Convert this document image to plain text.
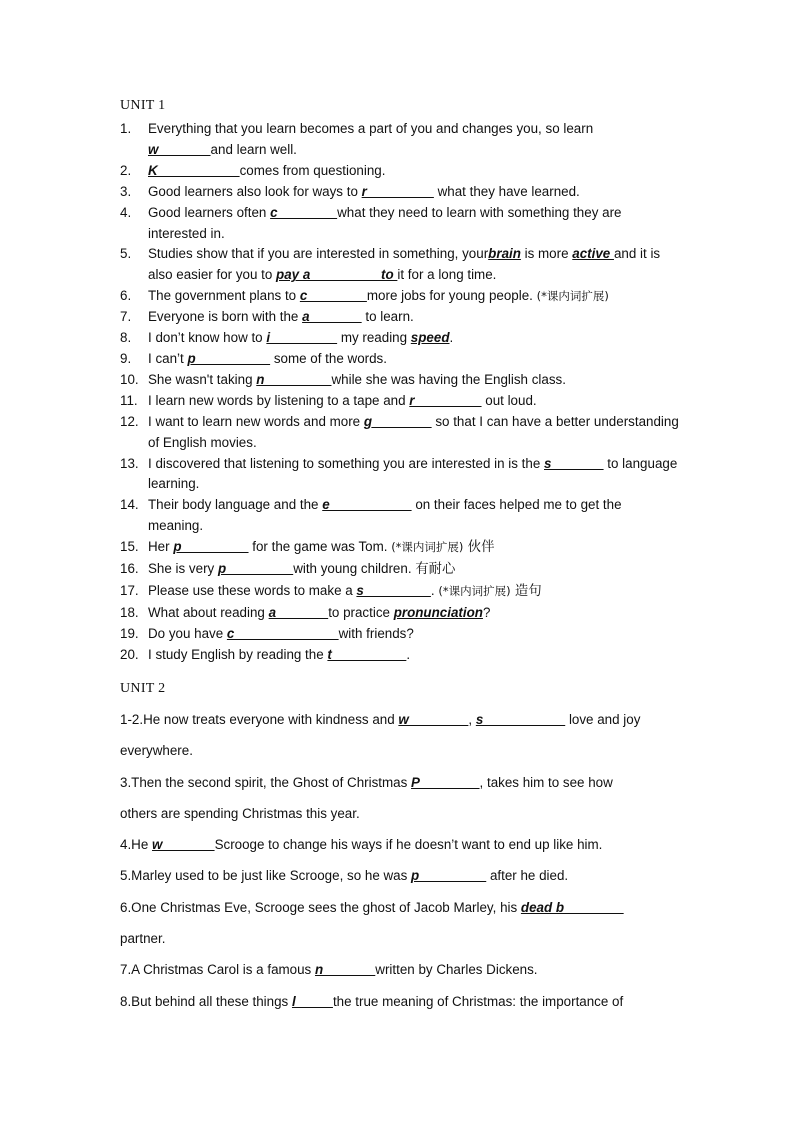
UNIT 1
1. Everything that you learn becomes a part of you and changes you, so learn w_______and learn well.
2. K___________comes from questioning.
3. Good learners also look for ways to r_________ what they have learned.
4. Good learners often c________what they need to learn with something they are interested in.
5. Studies show that if you are interested in something, yourbrain is more active and it is also easier for you to pay a_________ to it for a long time.
6. The government plans to c________more jobs for young people. (*课内词扩展)
7. Everyone is born with the a_______ to learn.
8. I don’t know how to i_________ my reading speed.
9. I can’t p__________ some of the words.
10. She wasn't taking n_________while she was having the English class.
11. I learn new words by listening to a tape and r_________ out loud.
12. I want to learn new words and more g________ so that I can have a better understanding of English movies.
13. I discovered that listening to something you are interested in is the s_______ to language learning.
14. Their body language and the e___________ on their faces helped me to get the meaning.
15. Her p_________ for the game was Tom. (*课内词扩展) 伙伴
16. She is very p_________with young children. 有耐心
17. Please use these words to make a s_________. (*课内词扩展) 造句
18. What about reading a_______to practice pronunciation?
19. Do you have c______________with friends?
20. I study English by reading the t__________.
UNIT 2

1-2.He now treats everyone with kindness and w________, s___________ love and joy

everywhere.

3.Then the second spirit, the Ghost of Christmas P________, takes him to see how

others are spending Christmas this year.

4.He w_______Scrooge to change his ways if he doesn’t want to end up like him.

5.Marley used to be just like Scrooge, so he was p_________ after he died.

6.One Christmas Eve, Scrooge sees the ghost of Jacob Marley, his dead b________

partner.

7.A Christmas Carol is a famous n_______written by Charles Dickens.

8.But behind all these things l_____the true meaning of Christmas: the importance of
